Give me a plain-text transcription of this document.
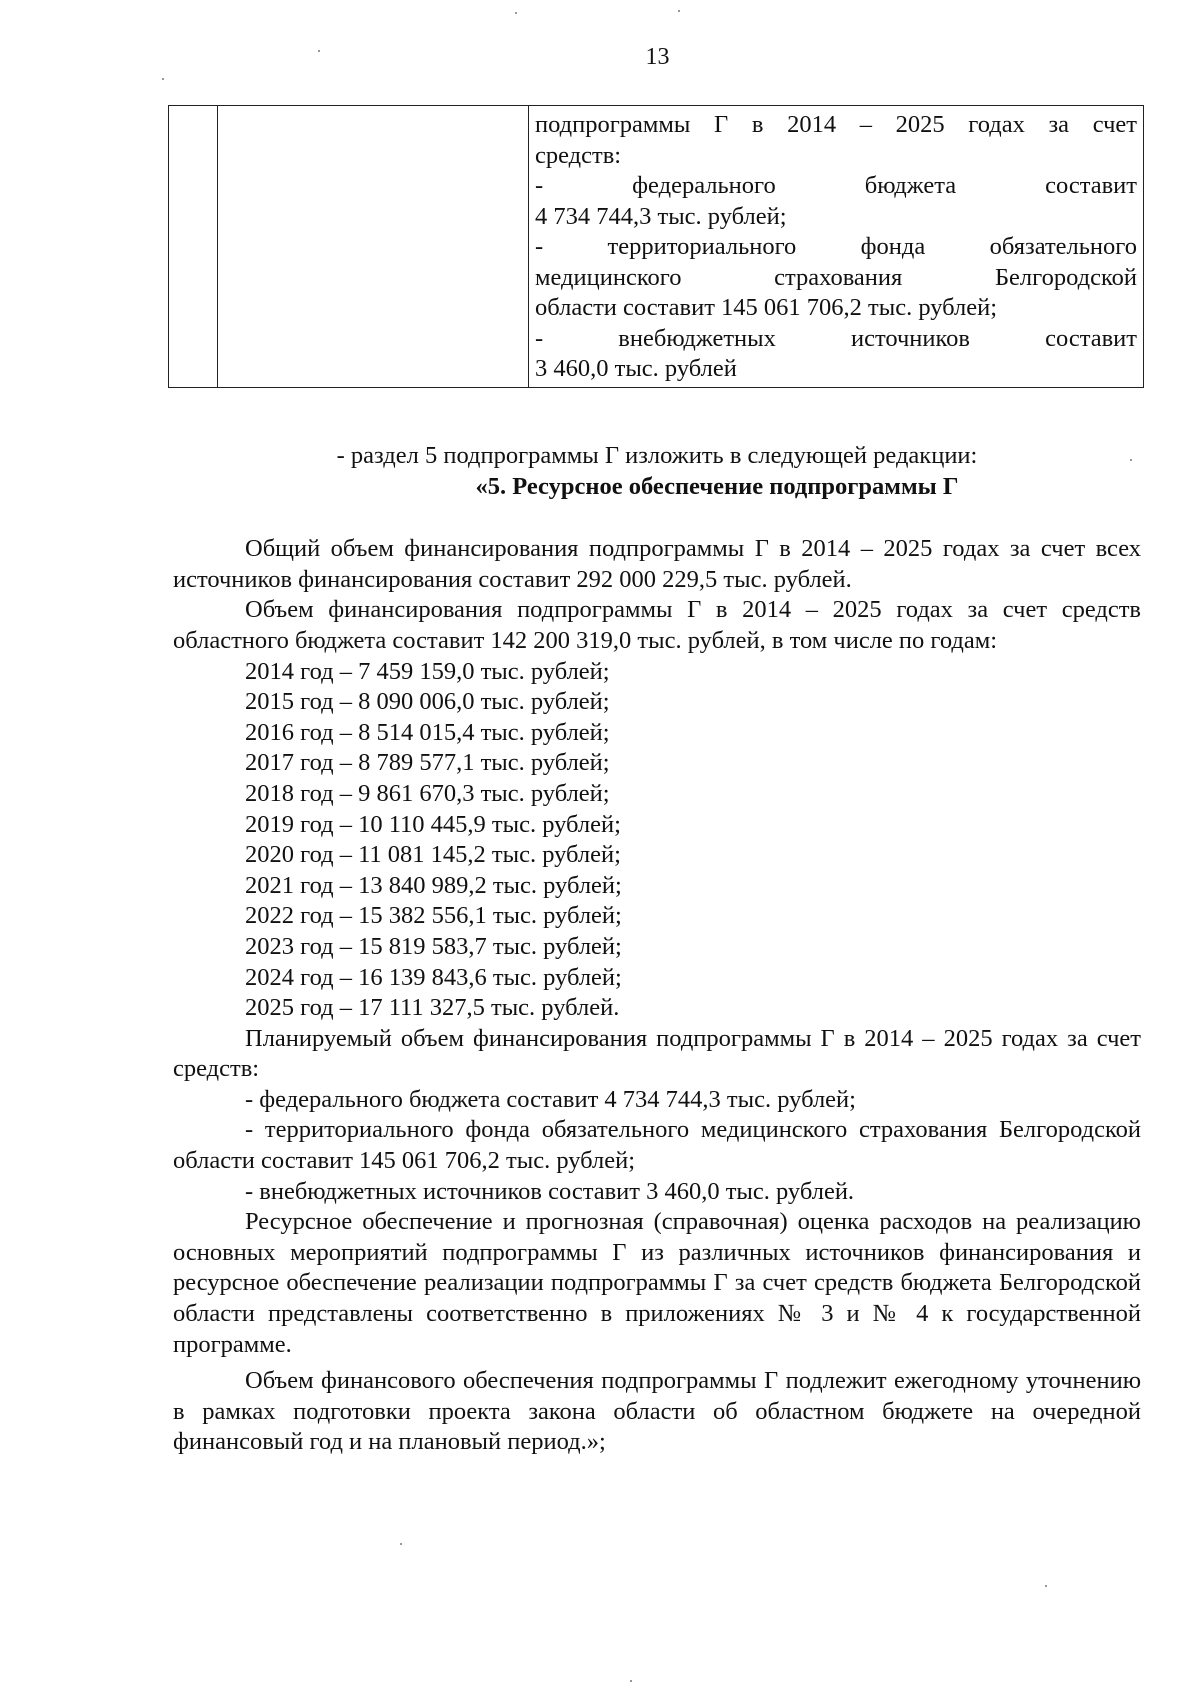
13

подпрограммы Г в 2014 – 2025 годах за счет
средств:
- федерального бюджета составит
4 734 744,3 тыс. рублей;
- территориального фонда обязательного
медицинского страхования Белгородской
области составит 145 061 706,2 тыс. рублей;
- внебюджетных источников составит
3 460,0 тыс. рублей
- раздел 5 подпрограммы Г изложить в следующей редакции:
«5. Ресурсное обеспечение подпрограммы Г
Общий объем финансирования подпрограммы Г в 2014 – 2025 годах за счет всех источников финансирования составит 292 000 229,5 тыс. рублей.
Объем финансирования подпрограммы Г в 2014 – 2025 годах за счет средств областного бюджета составит 142 200 319,0 тыс. рублей, в том числе по годам:
2014 год – 7 459 159,0 тыс. рублей;
2015 год – 8 090 006,0 тыс. рублей;
2016 год – 8 514 015,4 тыс. рублей;
2017 год – 8 789 577,1 тыс. рублей;
2018 год – 9 861 670,3 тыс. рублей;
2019 год – 10 110 445,9 тыс. рублей;
2020 год – 11 081 145,2 тыс. рублей;
2021 год – 13 840 989,2 тыс. рублей;
2022 год – 15 382 556,1 тыс. рублей;
2023 год – 15 819 583,7 тыс. рублей;
2024 год – 16 139 843,6 тыс. рублей;
2025 год – 17 111 327,5 тыс. рублей.
Планируемый объем финансирования подпрограммы Г в 2014 – 2025 годах за счет средств:
- федерального бюджета составит 4 734 744,3 тыс. рублей;
- территориального фонда обязательного медицинского страхования Белгородской области составит 145 061 706,2 тыс. рублей;
- внебюджетных источников составит 3 460,0 тыс. рублей.
Ресурсное обеспечение и прогнозная (справочная) оценка расходов на реализацию основных мероприятий подпрограммы Г из различных источников финансирования и ресурсное обеспечение реализации подпрограммы Г за счет средств бюджета Белгородской области представлены соответственно в приложениях № 3 и № 4 к государственной программе.
Объем финансового обеспечения подпрограммы Г подлежит ежегодному уточнению в рамках подготовки проекта закона области об областном бюджете на очередной финансовый год и на плановый период.»;
